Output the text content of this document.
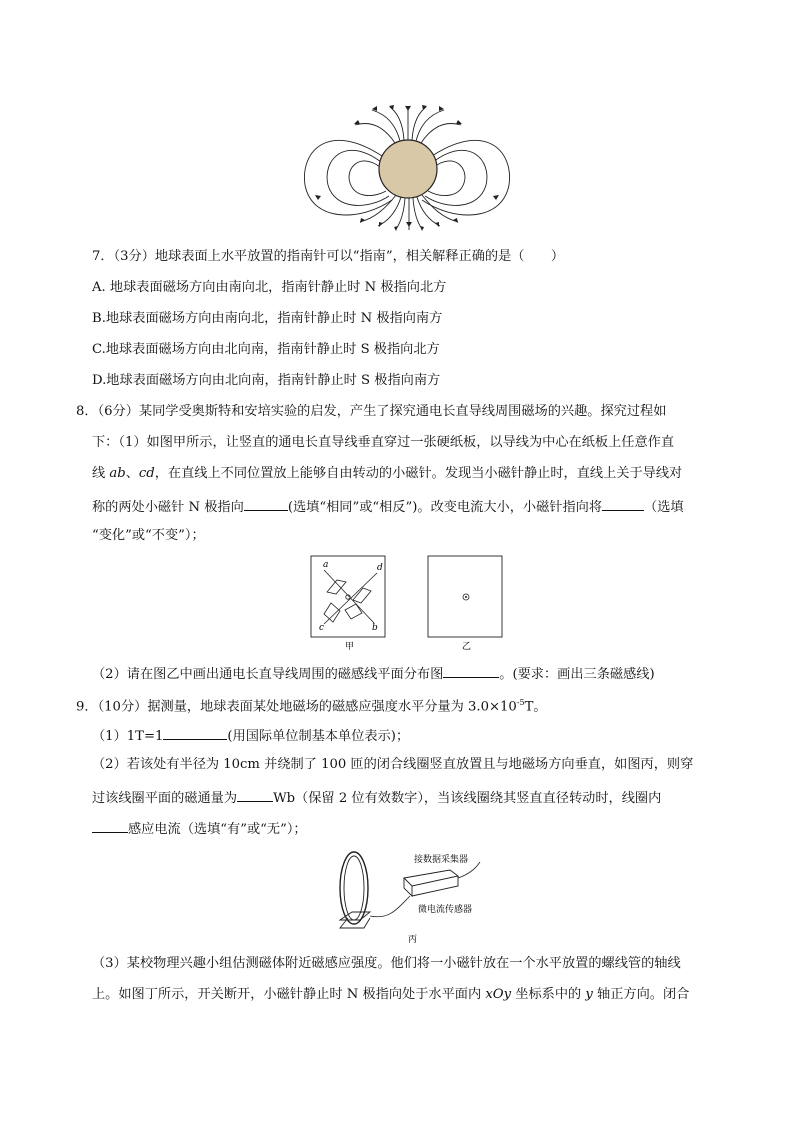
7．（3分）地球表面上水平放置的指南针可以“指南”，相关解释正确的是（　　）
A. 地球表面磁场方向由南向北，指南针静止时 N 极指向北方
B.地球表面磁场方向由南向北，指南针静止时 N 极指向南方
C.地球表面磁场方向由北向南，指南针静止时 S 极指向北方
D.地球表面磁场方向由北向南，指南针静止时 S 极指向南方
8．（6分）某同学受奥斯特和安培实验的启发，产生了探究通电长直导线周围磁场的兴趣。探究过程如
下：（1）如图甲所示，让竖直的通电长直导线垂直穿过一张硬纸板，以导线为中心在纸板上任意作直
线 ab、cd，在直线上不同位置放上能够自由转动的小磁针。发现当小磁针静止时，直线上关于导线对
称的两处小磁针 N 极指向	(选填“相同”或“相反”)。改变电流大小，小磁针指向将	（选填
“变化”或“不变”）；
a	d
c	b
甲	乙
（2）请在图乙中画出通电长直导线周围的磁感线平面分布图	。(要求：画出三条磁感线)
9．（10分）据测量，地球表面某处地磁场的磁感应强度水平分量为 $3.0\times 10^{-5}T$。
（1）1T=1	(用国际单位制基本单位表示)；
（2）若该处有半径为 10cm 并绕制了 100 匝的闭合线圈竖直放置且与地磁场方向垂直，如图丙，则穿
过该线圈平面的磁通量为	Wb（保留 2 位有效数字），当该线圈绕其竖直直径转动时，线圈内
感应电流（选填“有”或“无”）；
接数据采集器
微电流传感器
丙
（3）某校物理兴趣小组估测磁体附近磁感应强度。他们将一小磁针放在一个水平放置的螺线管的轴线
上。如图丁所示，开关断开，小磁针静止时 N 极指向处于水平面内 xOy 坐标系中的 y 轴正方向。闭合
